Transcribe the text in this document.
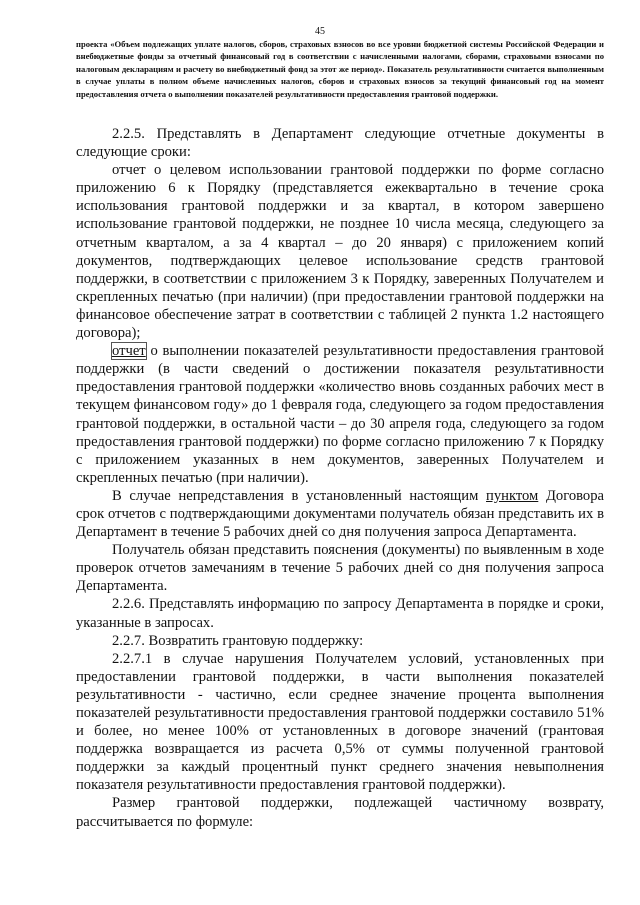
45

проекта «Объем подлежащих уплате налогов, сборов, страховых взносов во все уровни бюджетной системы Российской Федерации и внебюджетные фонды за отчетный финансовый год в соответствии с начисленными налогами, сборами, страховыми взносами по налоговым декларациям и расчету во внебюджетный фонд за этот же период». Показатель результативности считается выполненным в случае уплаты в полном объеме начисленных налогов, сборов и страховых взносов за текущий финансовый год на момент предоставления отчета о выполнении показателей результативности предоставления грантовой поддержки.

2.2.5. Представлять в Департамент следующие отчетные документы в следующие сроки:

отчет о целевом использовании грантовой поддержки по форме согласно приложению 6 к Порядку (представляется ежеквартально в течение срока использования грантовой поддержки и за квартал, в котором завершено использование грантовой поддержки, не позднее 10 числа месяца, следующего за отчетным кварталом, а за 4 квартал – до 20 января) с приложением копий документов, подтверждающих целевое использование средств грантовой поддержки, в соответствии с приложением 3 к Порядку, заверенных Получателем и скрепленных печатью (при наличии) (при предоставлении грантовой поддержки на финансовое обеспечение затрат в соответствии с таблицей 2 пункта 1.2 настоящего договора);

отчет о выполнении показателей результативности предоставления грантовой поддержки (в части сведений о достижении показателя результативности предоставления грантовой поддержки «количество вновь созданных рабочих мест в текущем финансовом году» до 1 февраля года, следующего за годом предоставления грантовой поддержки, в остальной части – до 30 апреля года, следующего за годом предоставления грантовой поддержки) по форме согласно приложению 7 к Порядку с приложением указанных в нем документов, заверенных Получателем и скрепленных печатью (при наличии).

В случае непредставления в установленный настоящим пунктом Договора срок отчетов с подтверждающими документами получатель обязан представить их в Департамент в течение 5 рабочих дней со дня получения запроса Департамента.

Получатель обязан представить пояснения (документы) по выявленным в ходе проверок отчетов замечаниям в течение 5 рабочих дней со дня получения запроса Департамента.

2.2.6. Представлять информацию по запросу Департамента в порядке и сроки, указанные в запросах.

2.2.7. Возвратить грантовую поддержку:

2.2.7.1 в случае нарушения Получателем условий, установленных при предоставлении грантовой поддержки, в части выполнения показателей результативности - частично, если среднее значение процента выполнения показателей результативности предоставления грантовой поддержки составило 51% и более, но менее 100% от установленных в договоре значений (грантовая поддержка возвращается из расчета 0,5% от суммы полученной грантовой поддержки за каждый процентный пункт среднего значения невыполнения показателя результативности предоставления грантовой поддержки).

Размер грантовой поддержки, подлежащей частичному возврату, рассчитывается по формуле:
